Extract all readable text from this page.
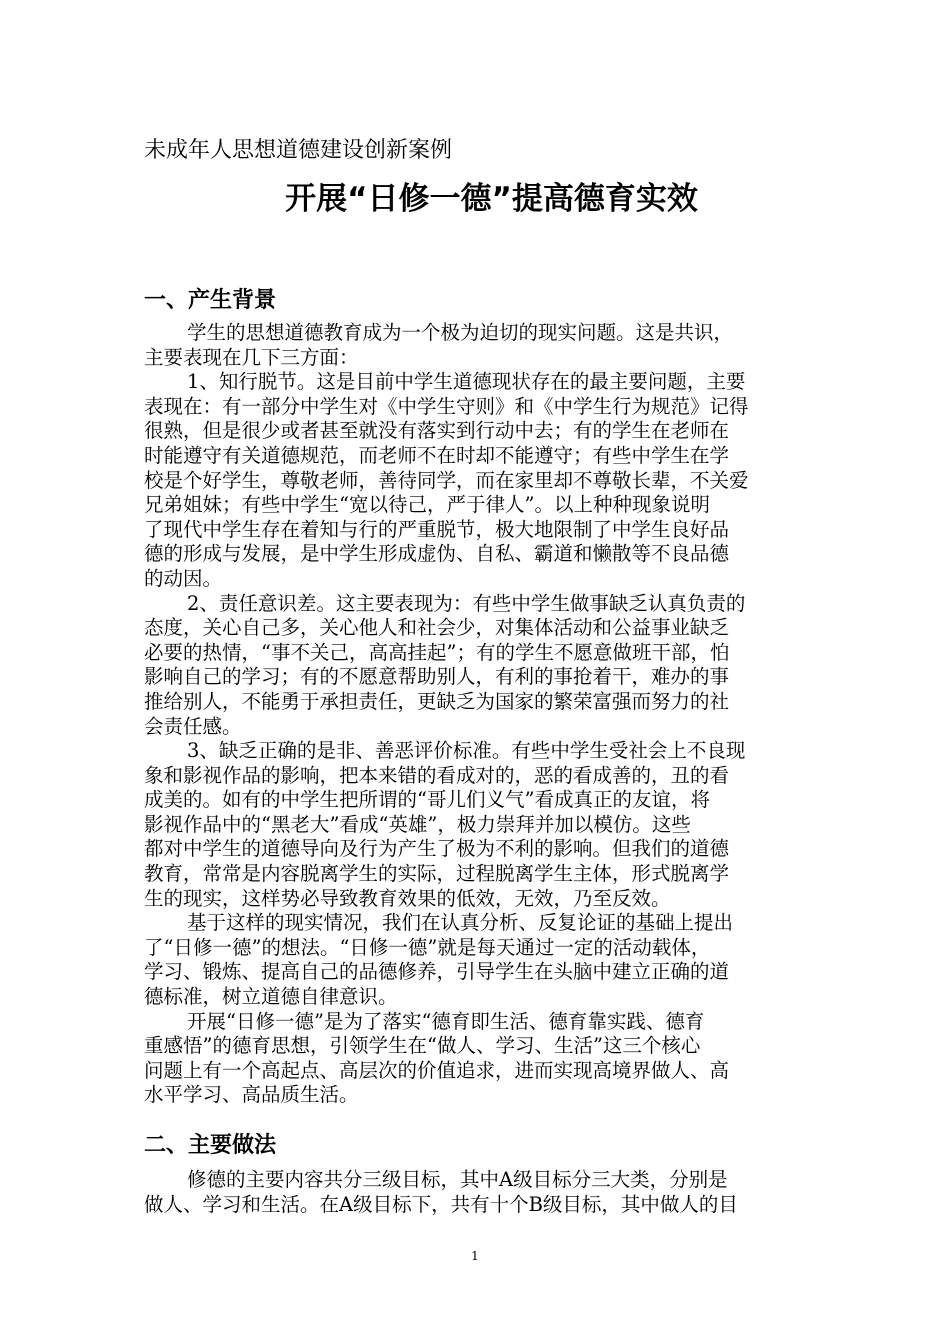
未成年人思想道德建设创新案例
开展“日修一德”提高德育实效
一、产生背景
学生的思想道德教育成为一个极为迫切的现实问题。这是共识，
主要表现在几下三方面：
1、知行脱节。这是目前中学生道德现状存在的最主要问题，主要
表现在：有一部分中学生对《中学生守则》和《中学生行为规范》记得
很熟，但是很少或者甚至就没有落实到行动中去；有的学生在老师在
时能遵守有关道德规范，而老师不在时却不能遵守；有些中学生在学
校是个好学生，尊敬老师，善待同学，而在家里却不尊敬长辈，不关爱
兄弟姐妹；有些中学生“宽以待己，严于律人”。以上种种现象说明
了现代中学生存在着知与行的严重脱节，极大地限制了中学生良好品
德的形成与发展，是中学生形成虚伪、自私、霸道和懒散等不良品德
的动因。
2、责任意识差。这主要表现为：有些中学生做事缺乏认真负责的
态度，关心自己多，关心他人和社会少，对集体活动和公益事业缺乏
必要的热情，“事不关己，高高挂起”；有的学生不愿意做班干部，怕
影响自己的学习；有的不愿意帮助别人，有利的事抢着干，难办的事
推给别人，不能勇于承担责任，更缺乏为国家的繁荣富强而努力的社
会责任感。
3、缺乏正确的是非、善恶评价标准。有些中学生受社会上不良现
象和影视作品的影响，把本来错的看成对的，恶的看成善的，丑的看
成美的。如有的中学生把所谓的“哥儿们义气”看成真正的友谊，将
影视作品中的“黑老大”看成“英雄”，极力崇拜并加以模仿。这些
都对中学生的道德导向及行为产生了极为不利的影响。但我们的道德
教育，常常是内容脱离学生的实际，过程脱离学生主体，形式脱离学
生的现实，这样势必导致教育效果的低效，无效，乃至反效。
基于这样的现实情况，我们在认真分析、反复论证的基础上提出
了“日修一德”的想法。“日修一德”就是每天通过一定的活动载体，
学习、锻炼、提高自己的品德修养，引导学生在头脑中建立正确的道
德标准，树立道德自律意识。
开展“日修一德”是为了落实“德育即生活、德育靠实践、德育
重感悟”的德育思想，引领学生在“做人、学习、生活”这三个核心
问题上有一个高起点、高层次的价值追求，进而实现高境界做人、高
水平学习、高品质生活。
二、主要做法
修德的主要内容共分三级目标，其中A级目标分三大类，分别是
做人、学习和生活。在A级目标下，共有十个B级目标，其中做人的目
1
